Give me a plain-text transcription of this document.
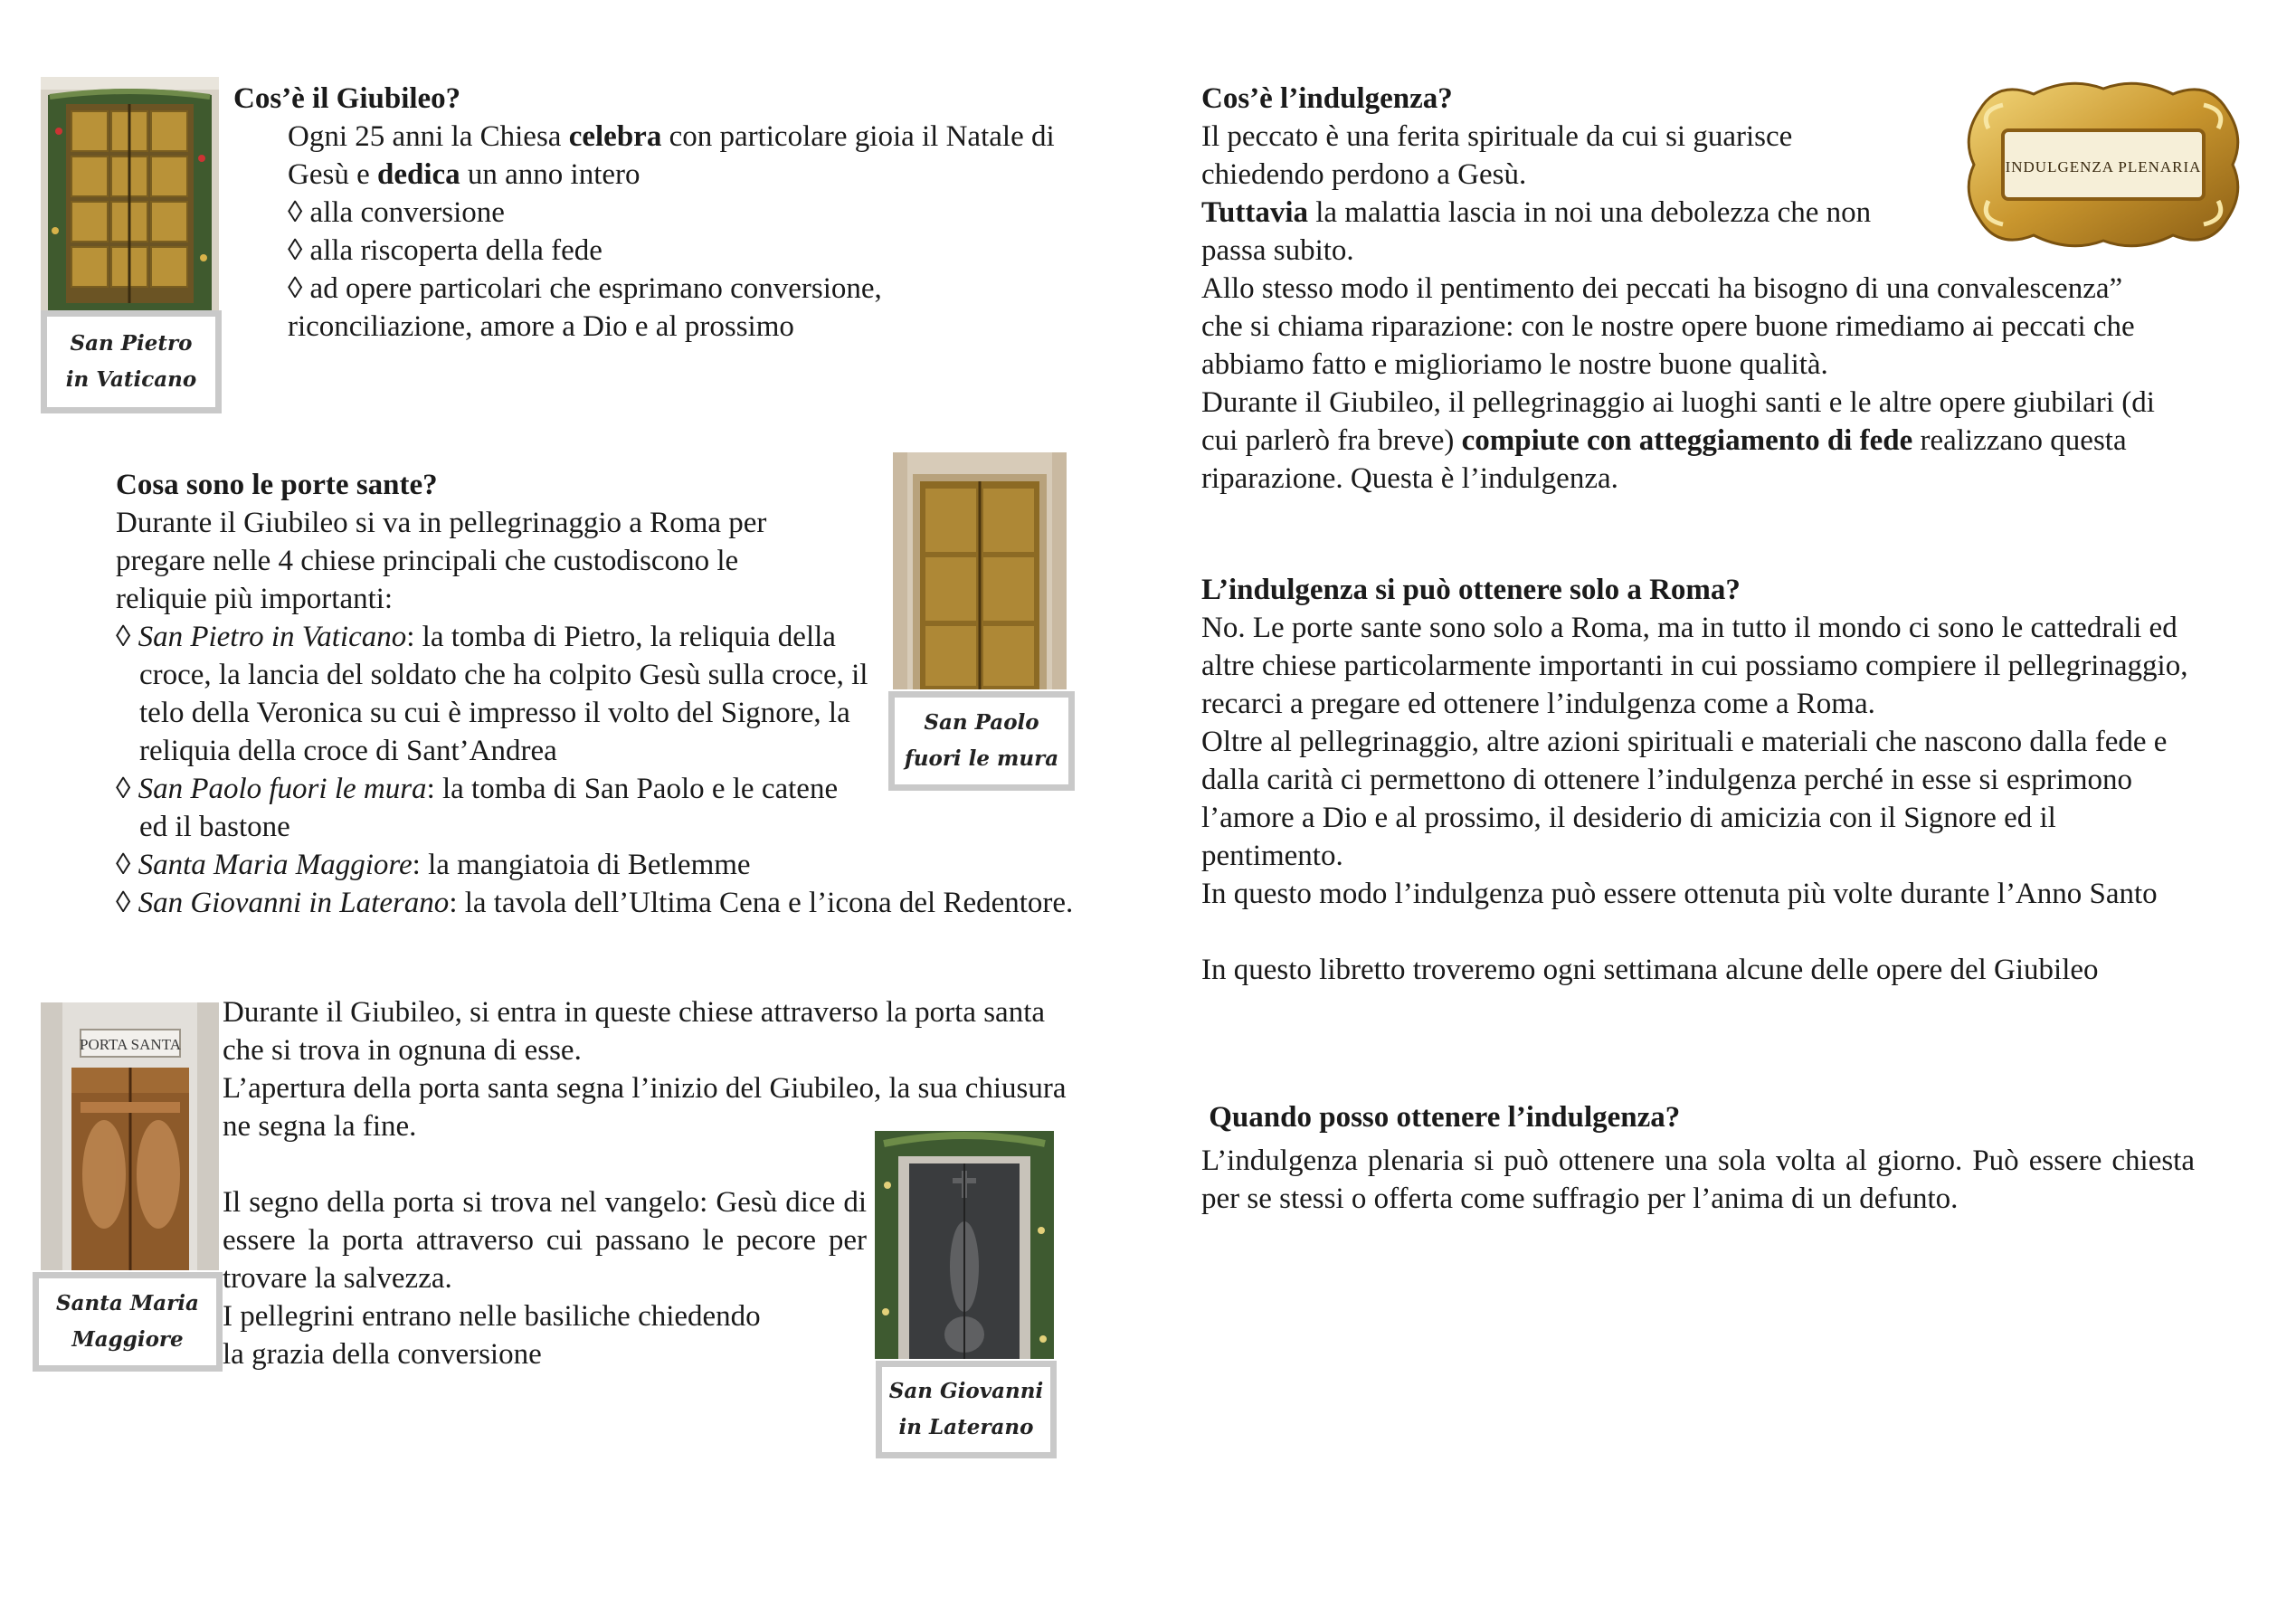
San Pietro
in Vaticano

Cos’è il Giubileo?

Ogni 25 anni la Chiesa celebra con particolare gioia il Natale di Gesù e dedica un anno intero

◊ alla conversione

◊ alla riscoperta della fede

◊ ad opere particolari che esprimano conversione, riconciliazione, amore a Dio e al prossimo

San Paolo
fuori le mura

Cosa sono le porte sante?

Durante il Giubileo si va in pellegrinaggio a Roma per pregare nelle 4 chiese principali che custodiscono le reliquie più importanti:

◊ San Pietro in Vaticano: la tomba di Pietro, la reliquia della croce, la lancia del soldato che ha colpito Gesù sulla croce, il telo della Veronica su cui è impresso il volto del Signore, la reliquia della croce di Sant’Andrea

◊ San Paolo fuori le mura: la tomba di San Paolo e le catene ed il bastone

◊ Santa Maria Maggiore: la mangiatoia di Betlemme

◊ San Giovanni in Laterano: la tavola dell’Ultima Cena e l’icona del Redentore.

PORTA SANTA
Santa Maria
Maggiore

Durante il Giubileo, si entra in queste chiese attraverso la porta santa che si trova in ognuna di esse.

L’apertura della porta santa segna l’inizio del Giubileo, la sua chiusura ne segna la fine.

Il segno della porta si trova nel vangelo: Gesù dice di essere la porta attraverso cui passano le pecore per trovare la salvezza.

I pellegrini entrano nelle basiliche chiedendo
la grazia della conversione

San Giovanni
in Laterano
INDULGENZA PLENARIA

Cos’è l’indulgenza?

Il peccato è una ferita spirituale da cui si guarisce

chiedendo perdono a Gesù.

Tuttavia la malattia lascia in noi una debolezza che non

passa subito.

Allo stesso modo il pentimento dei peccati ha bisogno di una convalescenza” che si chiama riparazione: con le nostre opere buone rimediamo ai peccati che abbiamo fatto e miglioriamo le nostre buone qualità.

Durante il Giubileo, il pellegrinaggio ai luoghi santi e le altre opere giubilari (di cui parlerò fra breve) compiute con atteggiamento di fede realizzano questa riparazione. Questa è l’indulgenza.

L’indulgenza si può ottenere solo a Roma?

No. Le porte sante sono solo a Roma, ma in tutto il mondo ci sono le cattedrali ed altre chiese particolarmente importanti in cui possiamo compiere il pellegrinaggio, recarci a pregare ed ottenere l’indulgenza come a Roma.

Oltre al pellegrinaggio, altre azioni spirituali e materiali che nascono dalla fede e dalla carità ci permettono di ottenere l’indulgenza perché in esse si esprimono l’amore a Dio e al prossimo, il desiderio di amicizia con il Signore ed il pentimento.

In questo modo l’indulgenza può essere ottenuta più volte durante l’Anno Santo

In questo libretto troveremo ogni settimana alcune delle opere del Giubileo

Quando posso ottenere l’indulgenza?

L’indulgenza plenaria si può ottenere una sola volta al giorno. Può essere chiesta per se stessi o offerta come suffragio per l’anima di un defunto.
